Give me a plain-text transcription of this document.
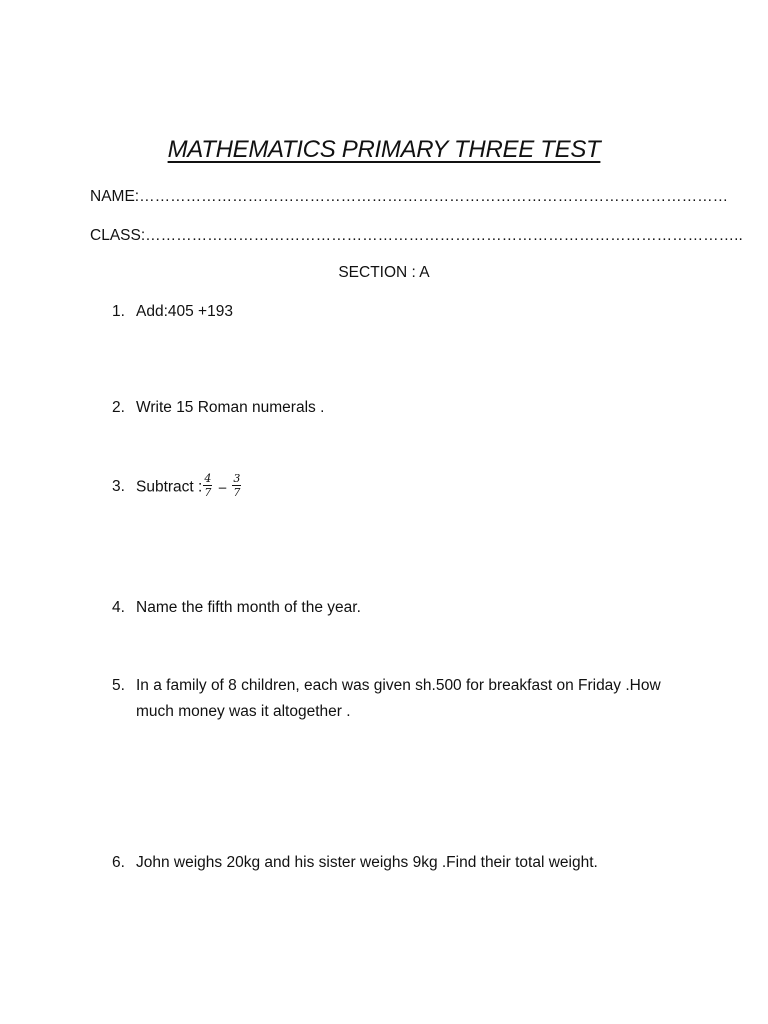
MATHEMATICS PRIMARY THREE TEST
NAME:……………………………………………………………………………………………………
CLASS:……………………………………………………………………………………………………..
SECTION : A
1. Add:405 +193
2. Write 15 Roman numerals .
3. Subtract : $\frac{4}{7} - \frac{3}{7}$
4. Name the fifth month of the year.
5. In a family of 8 children, each was given sh.500 for breakfast on Friday .How much money was it altogether .
6. John weighs 20kg and his sister weighs 9kg .Find their total weight.
